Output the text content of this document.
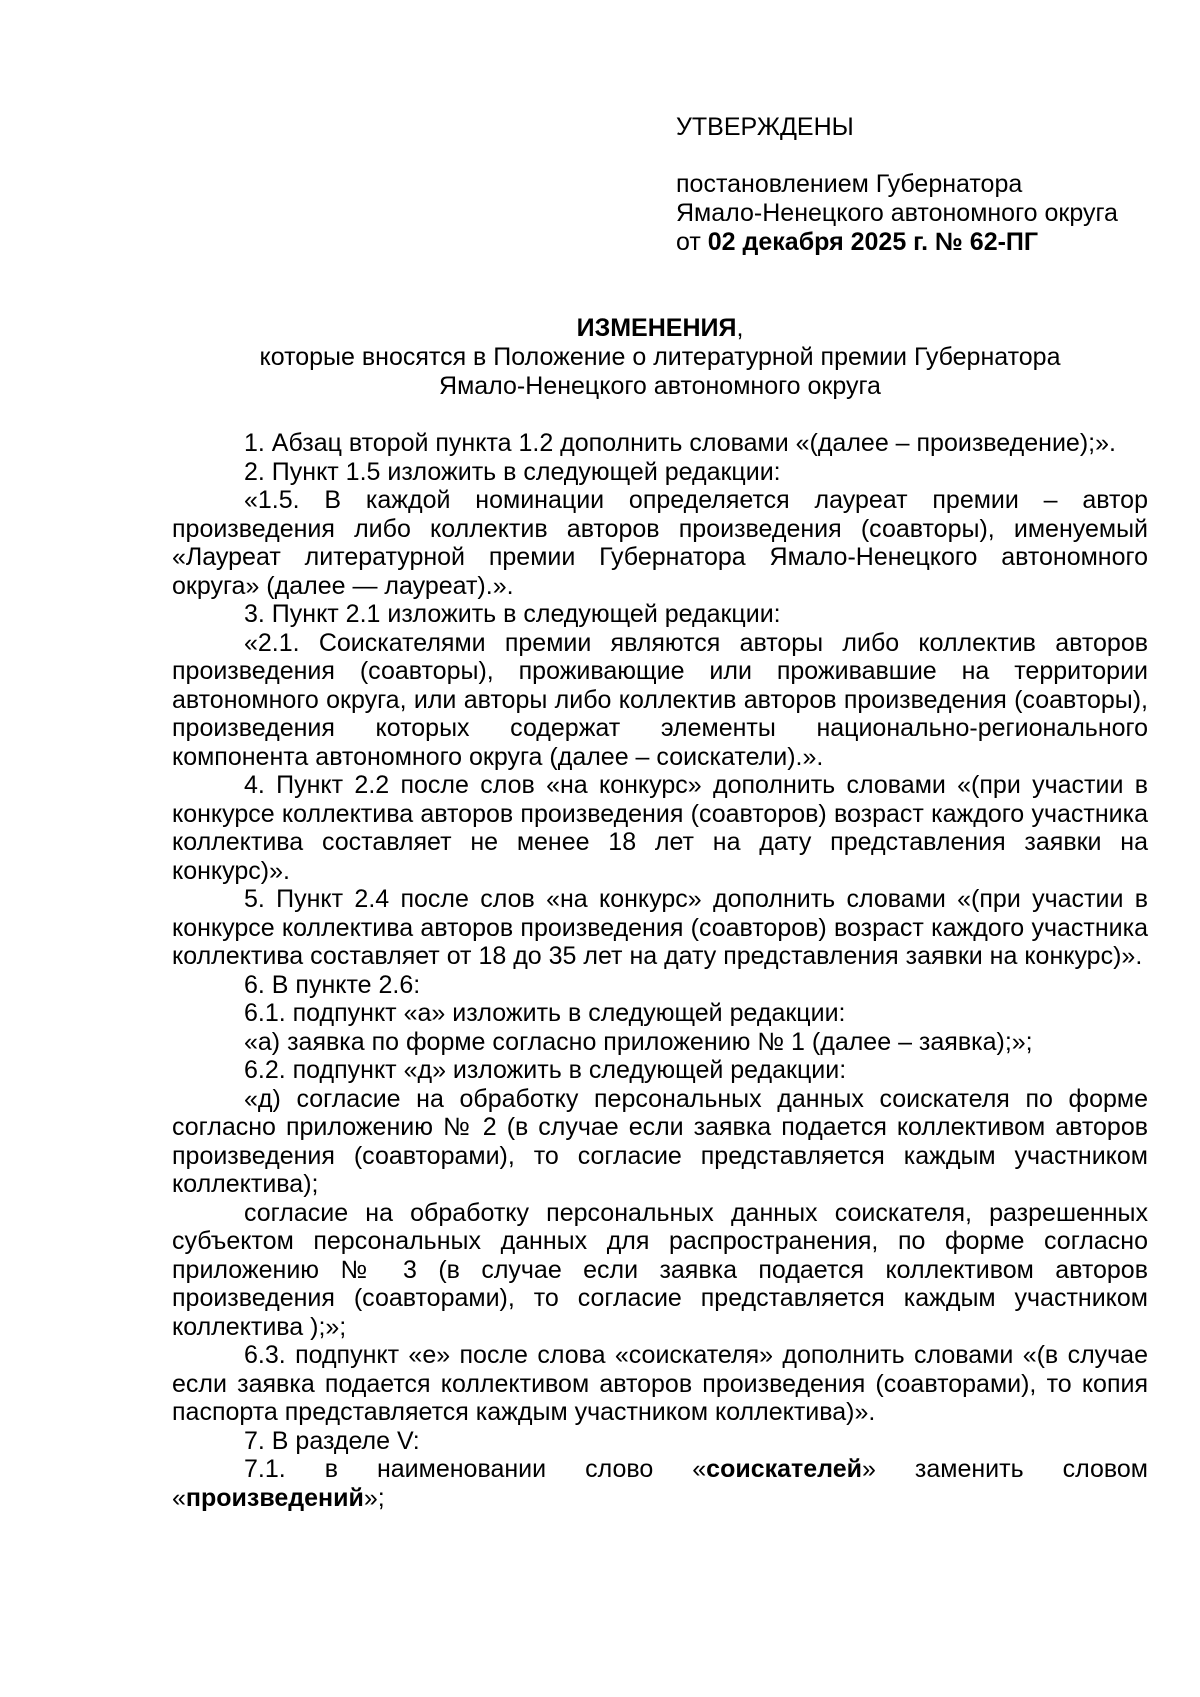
УТВЕРЖДЕНЫ

постановлением Губернатора

Ямало-Ненецкого автономного округа

от 02 декабря 2025 г. № 62-ПГ

ИЗМЕНЕНИЯ,

которые вносятся в Положение о литературной премии Губернатора

Ямало-Ненецкого автономного округа

1. Абзац второй пункта 1.2 дополнить словами «(далее – произведение);».

2. Пункт 1.5 изложить в следующей редакции:

«1.5. В каждой номинации определяется лауреат премии – автор произведения либо коллектив авторов произведения (соавторы), именуемый «Лауреат литературной премии Губернатора Ямало-Ненецкого автономного округа» (далее — лауреат).».

3. Пункт 2.1 изложить в следующей редакции:

«2.1. Соискателями премии являются авторы либо коллектив авторов произведения (соавторы), проживающие или проживавшие на территории автономного округа, или авторы либо коллектив авторов произведения (соавторы), произведения которых содержат элементы национально-регионального компонента автономного округа (далее – соискатели).».

4. Пункт 2.2 после слов «на конкурс» дополнить словами «(при участии в конкурсе коллектива авторов произведения (соавторов) возраст каждого участника коллектива составляет не менее 18 лет на дату представления заявки на конкурс)».

5. Пункт 2.4 после слов «на конкурс» дополнить словами «(при участии в конкурсе коллектива авторов произведения (соавторов) возраст каждого участника коллектива составляет от 18 до 35 лет на дату представления заявки на конкурс)».

6. В пункте 2.6:

6.1. подпункт «а» изложить в следующей редакции:

«а) заявка по форме согласно приложению № 1 (далее – заявка);»;

6.2. подпункт «д» изложить в следующей редакции:

«д) согласие на обработку персональных данных соискателя по форме согласно приложению № 2 (в случае если заявка подается коллективом авторов произведения (соавторами), то согласие представляется каждым участником коллектива);

согласие на обработку персональных данных соискателя, разрешенных субъектом персональных данных для распространения, по форме согласно приложению № 3 (в случае если заявка подается коллективом авторов произведения (соавторами), то согласие представляется каждым участником коллектива );»;

6.3. подпункт «е» после слова «соискателя» дополнить словами «(в случае если заявка подается коллективом авторов произведения (соавторами), то копия паспорта представляется каждым участником коллектива)».

7. В разделе V:

7.1. в наименовании слово «соискателей» заменить словом «произведений»;
